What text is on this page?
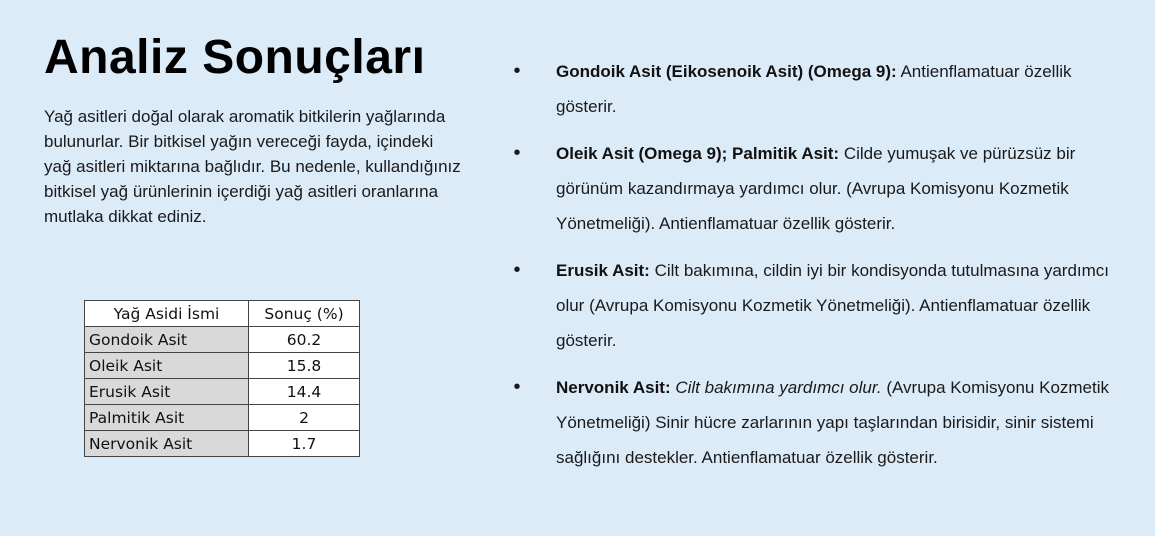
Analiz Sonuçları

Yağ asitleri doğal olarak aromatik bitkilerin yağlarında bulunurlar. Bir bitkisel yağın vereceği fayda, içindeki yağ asitleri miktarına bağlıdır. Bu nedenle, kullandığınız bitkisel yağ ürünlerinin içerdiği yağ asitleri oranlarına mutlaka dikkat ediniz.

Yağ Asidi İsmi	Sonuç (%)
Gondoik Asit	60.2
Oleik Asit	15.8
Erusik Asit	14.4
Palmitik Asit	2
Nervonik Asit	1.7
• Gondoik Asit (Eikosenoik Asit) (Omega 9): Antienflamatuar özellik gösterir.
• Oleik Asit (Omega 9); Palmitik Asit: Cilde yumuşak ve pürüzsüz bir görünüm kazandırmaya yardımcı olur. (Avrupa Komisyonu Kozmetik Yönetmeliği). Antienflamatuar özellik gösterir.
• Erusik Asit: Cilt bakımına, cildin iyi bir kondisyonda tutulmasına yardımcı olur (Avrupa Komisyonu Kozmetik Yönetmeliği). Antienflamatuar özellik gösterir.
• Nervonik Asit: Cilt bakımına yardımcı olur. (Avrupa Komisyonu Kozmetik Yönetmeliği) Sinir hücre zarlarının yapı taşlarından birisidir, sinir sistemi sağlığını destekler. Antienflamatuar özellik gösterir.
